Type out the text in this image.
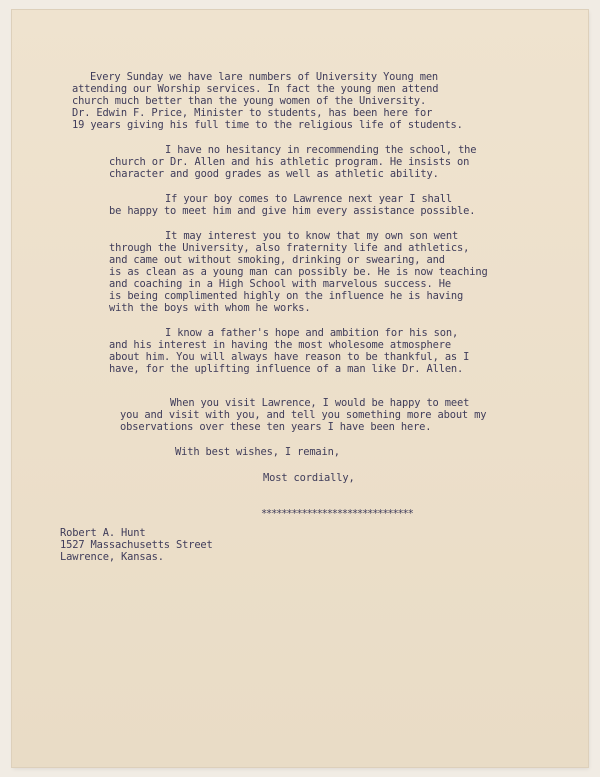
Every Sunday we have lare numbers of University Young men
attending our Worship services. In fact the young men attend
church much better than the young women of the University.
Dr. Edwin F. Price, Minister to students, has been here for
19 years giving his full time to the religious life of students.
I have no hesitancy in recommending the school, the
church or Dr. Allen and his athletic program. He insists on
character and good grades as well as athletic ability.
If your boy comes to Lawrence next year I shall
be happy to meet him and give him every assistance possible.
It may interest you to know that my own son went
through the University, also fraternity life and athletics,
and came out without smoking, drinking or swearing, and
is as clean as a young man can possibly be. He is now teaching
and coaching in a High School with marvelous success. He
is being complimented highly on the influence he is having
with the boys with whom he works.
I know a father's hope and ambition for his son,
and his interest in having the most wholesome atmosphere
about him. You will always have reason to be thankful, as I
have, for the uplifting influence of a man like Dr. Allen.
When you visit Lawrence, I would be happy to meet
you and visit with you, and tell you something more about my
observations over these ten years I have been here.
With best wishes, I remain,
Most cordially,
******************************
Robert A. Hunt
1527 Massachusetts Street
Lawrence, Kansas.
